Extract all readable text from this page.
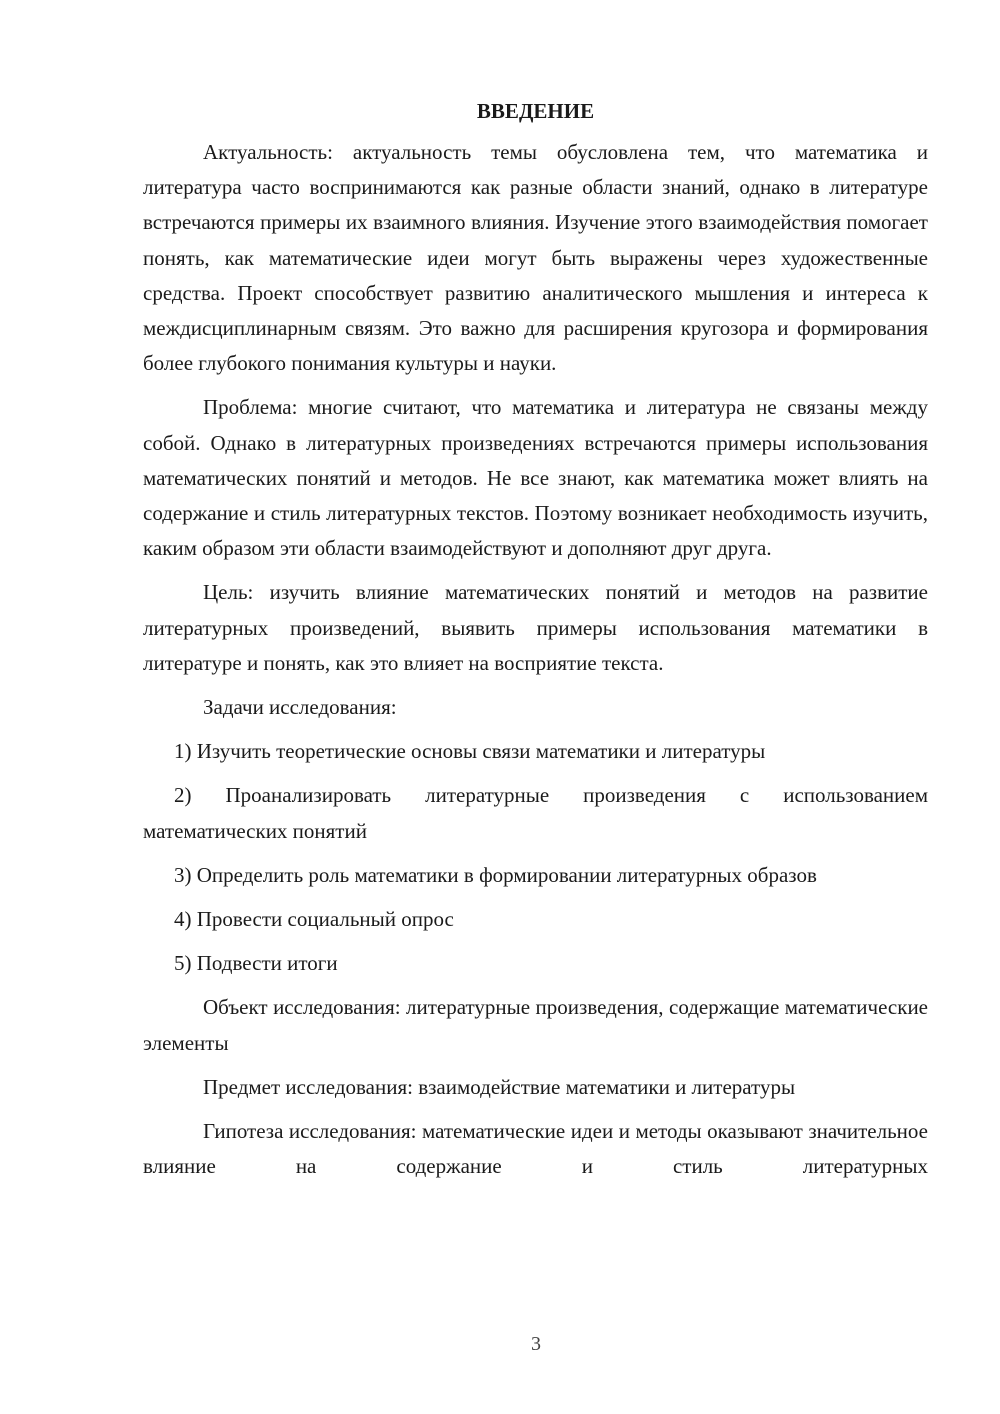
ВВЕДЕНИЕ

Актуальность: актуальность темы обусловлена тем, что математика и литература часто воспринимаются как разные области знаний, однако в литературе встречаются примеры их взаимного влияния. Изучение этого взаимодействия помогает понять, как математические идеи могут быть выражены через художественные средства. Проект способствует развитию аналитического мышления и интереса к междисциплинарным связям. Это важно для расширения кругозора и формирования более глубокого понимания культуры и науки.

Проблема: многие считают, что математика и литература не связаны между собой. Однако в литературных произведениях встречаются примеры использования математических понятий и методов. Не все знают, как математика может влиять на содержание и стиль литературных текстов. Поэтому возникает необходимость изучить, каким образом эти области взаимодействуют и дополняют друг друга.

Цель: изучить влияние математических понятий и методов на развитие литературных произведений, выявить примеры использования математики в литературе и понять, как это влияет на восприятие текста.

Задачи исследования:

1) Изучить теоретические основы связи математики и литературы

2) Проанализировать литературные произведения с использованием математических понятий

3) Определить роль математики в формировании литературных образов

4) Провести социальный опрос

5) Подвести итоги

Объект исследования: литературные произведения, содержащие математические элементы

Предмет исследования: взаимодействие математики и литературы

Гипотеза исследования: математические идеи и методы оказывают значительное влияние на содержание и стиль литературных

3
